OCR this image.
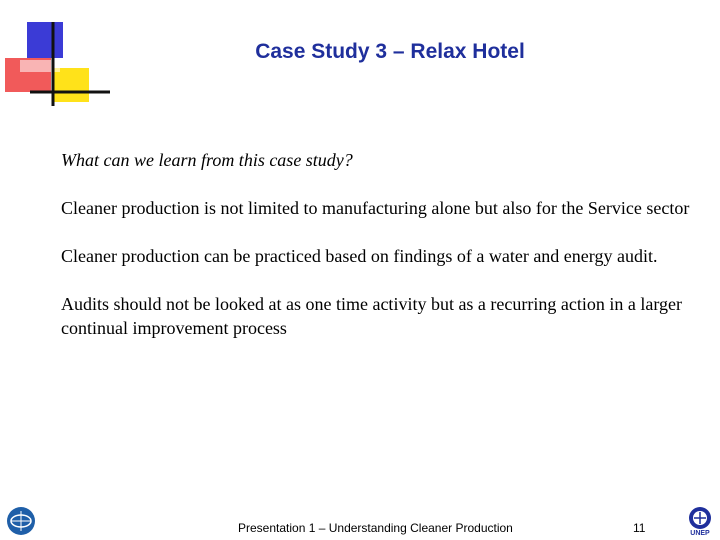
Case Study 3 – Relax Hotel

What can we learn from this case study?

Cleaner production is not limited to manufacturing alone but also for the Service sector

Cleaner production can be practiced based on findings of a water and energy audit.

Audits should not be looked at as one time activity but as a recurring action in a larger continual improvement process

Presentation 1 – Understanding Cleaner Production	11	UNEP
